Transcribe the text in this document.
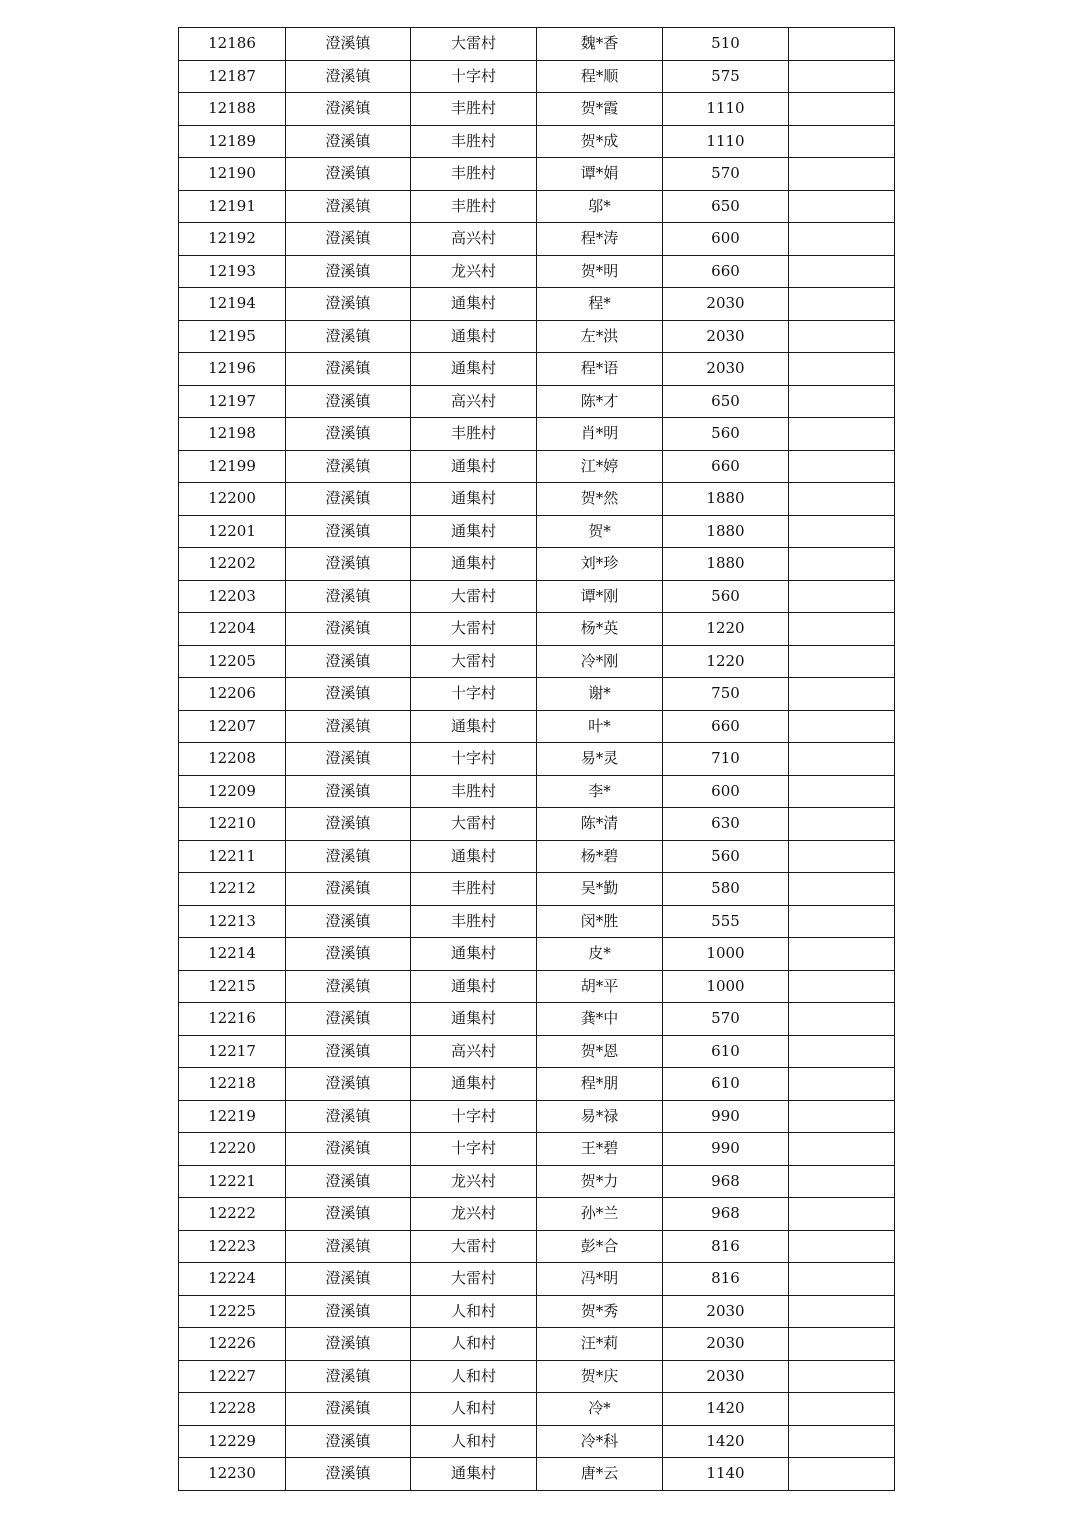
12186	澄溪镇	大雷村	魏*香	510	
12187	澄溪镇	十字村	程*顺	575	
12188	澄溪镇	丰胜村	贺*霞	1110	
12189	澄溪镇	丰胜村	贺*成	1110	
12190	澄溪镇	丰胜村	谭*娟	570	
12191	澄溪镇	丰胜村	邬*	650	
12192	澄溪镇	高兴村	程*涛	600	
12193	澄溪镇	龙兴村	贺*明	660	
12194	澄溪镇	通集村	程*	2030	
12195	澄溪镇	通集村	左*洪	2030	
12196	澄溪镇	通集村	程*语	2030	
12197	澄溪镇	高兴村	陈*才	650	
12198	澄溪镇	丰胜村	肖*明	560	
12199	澄溪镇	通集村	江*婷	660	
12200	澄溪镇	通集村	贺*然	1880	
12201	澄溪镇	通集村	贺*	1880	
12202	澄溪镇	通集村	刘*珍	1880	
12203	澄溪镇	大雷村	谭*刚	560	
12204	澄溪镇	大雷村	杨*英	1220	
12205	澄溪镇	大雷村	冷*刚	1220	
12206	澄溪镇	十字村	谢*	750	
12207	澄溪镇	通集村	叶*	660	
12208	澄溪镇	十字村	易*灵	710	
12209	澄溪镇	丰胜村	李*	600	
12210	澄溪镇	大雷村	陈*清	630	
12211	澄溪镇	通集村	杨*碧	560	
12212	澄溪镇	丰胜村	吴*勤	580	
12213	澄溪镇	丰胜村	闵*胜	555	
12214	澄溪镇	通集村	皮*	1000	
12215	澄溪镇	通集村	胡*平	1000	
12216	澄溪镇	通集村	龚*中	570	
12217	澄溪镇	高兴村	贺*恩	610	
12218	澄溪镇	通集村	程*朋	610	
12219	澄溪镇	十字村	易*禄	990	
12220	澄溪镇	十字村	王*碧	990	
12221	澄溪镇	龙兴村	贺*力	968	
12222	澄溪镇	龙兴村	孙*兰	968	
12223	澄溪镇	大雷村	彭*合	816	
12224	澄溪镇	大雷村	冯*明	816	
12225	澄溪镇	人和村	贺*秀	2030	
12226	澄溪镇	人和村	汪*莉	2030	
12227	澄溪镇	人和村	贺*庆	2030	
12228	澄溪镇	人和村	冷*	1420	
12229	澄溪镇	人和村	冷*科	1420	
12230	澄溪镇	通集村	唐*云	1140	
